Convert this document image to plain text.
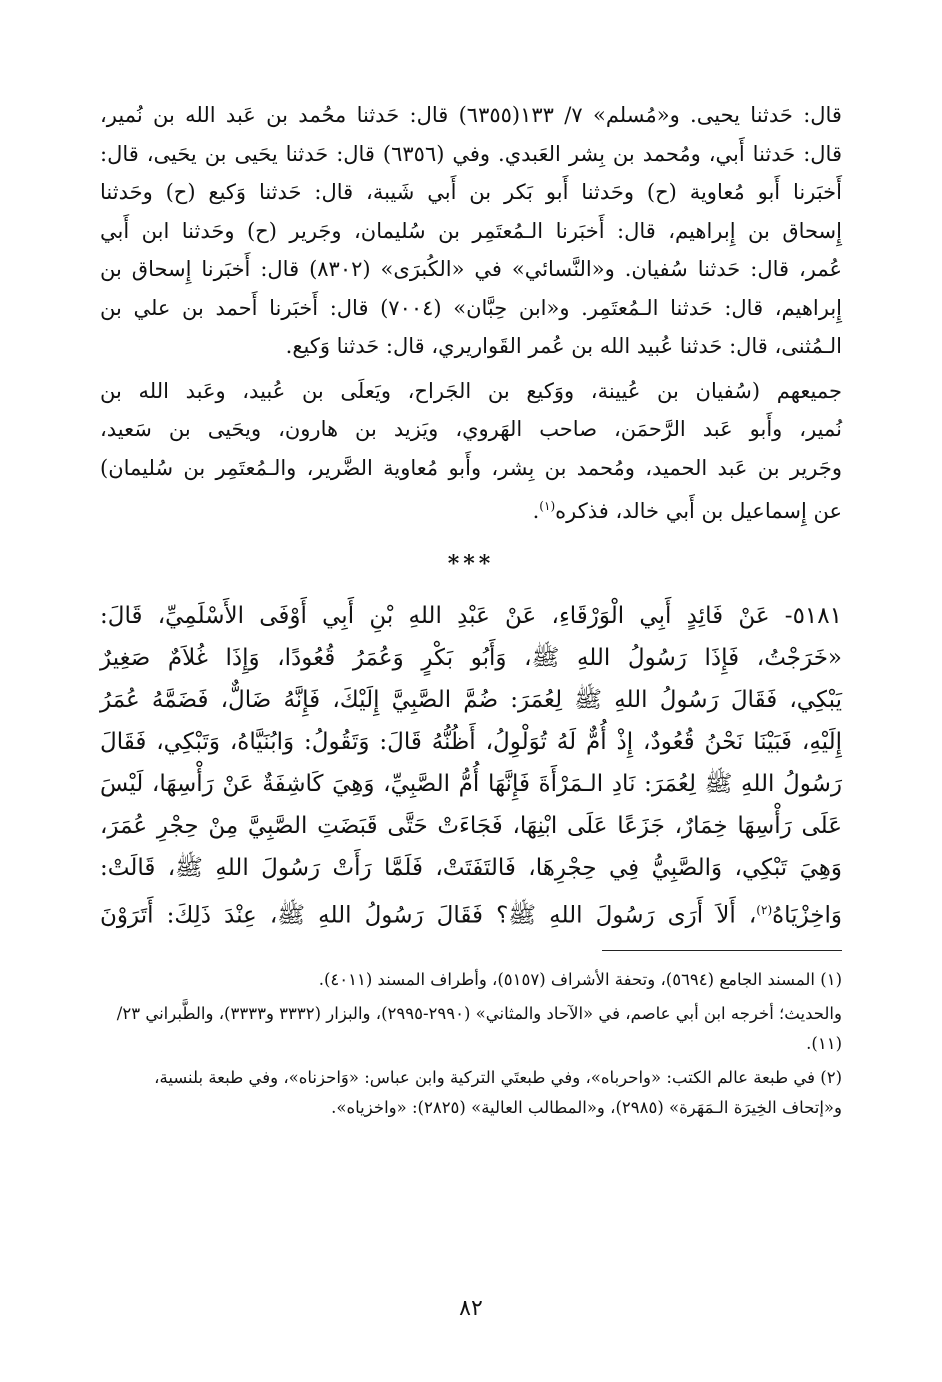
قال: حَدثنا يحيى. و«مُسلم» ٧/ ١٣٣(٦٣٥٥) قال: حَدثنا محُمد بن عَبد الله بن نُمير،
قال: حَدثنا أَبي، ومُحمد بن بِشر العَبدي. وفي (٦٣٥٦) قال: حَدثنا يحَيى بن يحَيى، قال:
أَخبَرنا أَبو مُعاوية (ح) وحَدثنا أَبو بَكر بن أَبي شَيبة، قال: حَدثنا وَكيع (ح) وحَدثنا
إِسحاق بن إِبراهيم، قال: أَخبَرنا الـمُعتَمِر بن سُليمان، وجَرير (ح) وحَدثنا ابن أَبي
عُمر، قال: حَدثنا سُفيان. و«النَّسائي» في «الكُبرَى» (٨٣٠٢) قال: أَخبَرنا إِسحاق بن
إِبراهيم، قال: حَدثنا الـمُعتَمِر. و«ابن حِبَّان» (٧٠٠٤) قال: أَخبَرنا أَحمد بن علي بن
الـمُثنى، قال: حَدثنا عُبيد الله بن عُمر القَواريري، قال: حَدثنا وَكيع.

جميعهم (سُفيان بن عُيينة، ووَكيع بن الجَراح، ويَعلَى بن عُبيد، وعَبد الله بن
نُمير، وأَبو عَبد الرَّحمَن، صاحب الهَروي، ويَزيد بن هارون، ويحَيى بن سَعيد،
وجَرير بن عَبد الحميد، ومُحمد بن بِشر، وأَبو مُعاوية الضَّرير، والـمُعتَمِر بن سُليمان)
عن إِسماعيل بن أَبي خالد، فذكره$^{(١)}$.

***

٥١٨١- عَنْ فَائِدٍ أَبِي الْوَرْقَاءِ، عَنْ عَبْدِ اللهِ بْنِ أَبِي أَوْفَى الأَسْلَمِيِّ، قَالَ:
«خَرَجْتُ، فَإِذَا رَسُولُ اللهِ ﷺ، وَأَبُو بَكْرٍ وَعُمَرُ قُعُودًا، وَإِذَا غُلاَمٌ صَغِيرٌ
يَبْكِي، فَقَالَ رَسُولُ اللهِ ﷺ لِعُمَرَ: ضُمَّ الصَّبِيَّ إِلَيْكَ، فَإِنَّهُ ضَالٌّ، فَضَمَّهُ عُمَرُ
إِلَيْهِ، فَبَيْنَا نَحْنُ قُعُودٌ، إِذْ أُمٌّ لَهُ تُوَلْوِلُ، أَظُنُّهُ قَالَ: وَتَقُولُ: وَابُنَيَّاهُ، وَتَبْكِي، فَقَالَ
رَسُولُ اللهِ ﷺ لِعُمَرَ: نَادِ الـمَرْأَةَ فَإِنَّهَا أُمُّ الصَّبِيِّ، وَهِيَ كَاشِفَةٌ عَنْ رَأْسِهَا، لَيْسَ
عَلَى رَأْسِهَا خِمَارٌ، جَزَعًا عَلَى ابْنِهَا، فَجَاءَتْ حَتَّى قَبَضَتِ الصَّبِيَّ مِنْ حِجْرِ عُمَرَ،
وَهِيَ تَبْكِي، وَالصَّبِيُّ فِي حِجْرِهَا، فَالتَفَتَتْ، فَلَمَّا رَأَتْ رَسُولَ اللهِ ﷺ، قَالَتْ:
وَاخِزْيَاهُ$^{(٢)}$، أَلاَ أَرَى رَسُولَ اللهِ ﷺ؟ فَقَالَ رَسُولُ اللهِ ﷺ، عِنْدَ ذَلِكَ: أَتَرَوْنَ

(١) المسند الجامع (٥٦٩٤)، وتحفة الأشراف (٥١٥٧)، وأطراف المسند (٤٠١١).

والحديث؛ أخرجه ابن أبي عاصم، في «الآحاد والمثاني» (٢٩٩٠-٢٩٩٥)، والبزار (٣٣٣٢ و٣٣٣٣)، والطَّبراني ٢٣/ (١١).

(٢) في طبعة عالم الكتب: «واحرباه»، وفي طبعتَي التركية وابن عباس: «وَاحزناه»، وفي طبعة بلنسية، و«إتحاف الخِيرَة الـمَهَرة» (٢٩٨٥)، و«المطالب العالية» (٢٨٢٥): «واخزياه».

٨٢
